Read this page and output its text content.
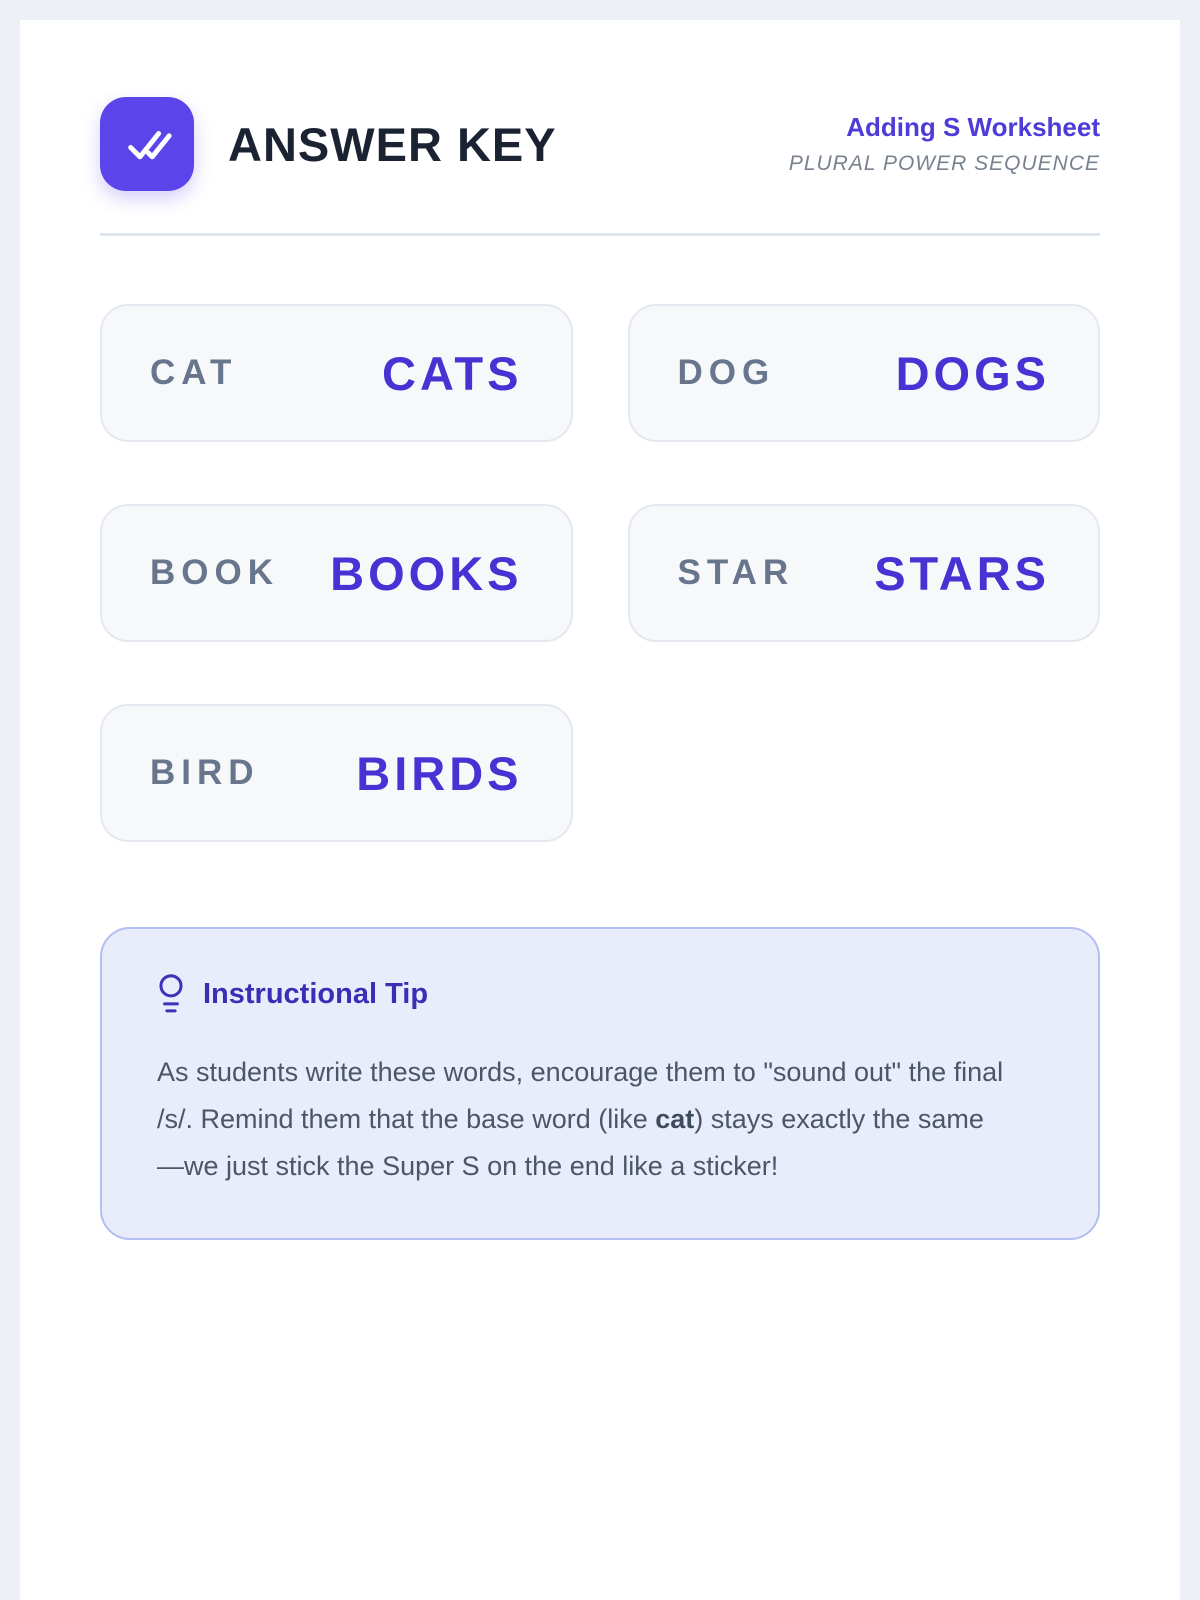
ANSWER KEY	Adding S Worksheet
PLURAL POWER SEQUENCE
CAT	CATS	DOG	DOGS
BOOK BOOKS	STAR STARS
BIRD BIRDS
Instructional Tip

As students write these words, encourage them to "sound out" the final /s/. Remind them that the base word (like cat) stays exactly the same—we just stick the Super S on the end like a sticker!
